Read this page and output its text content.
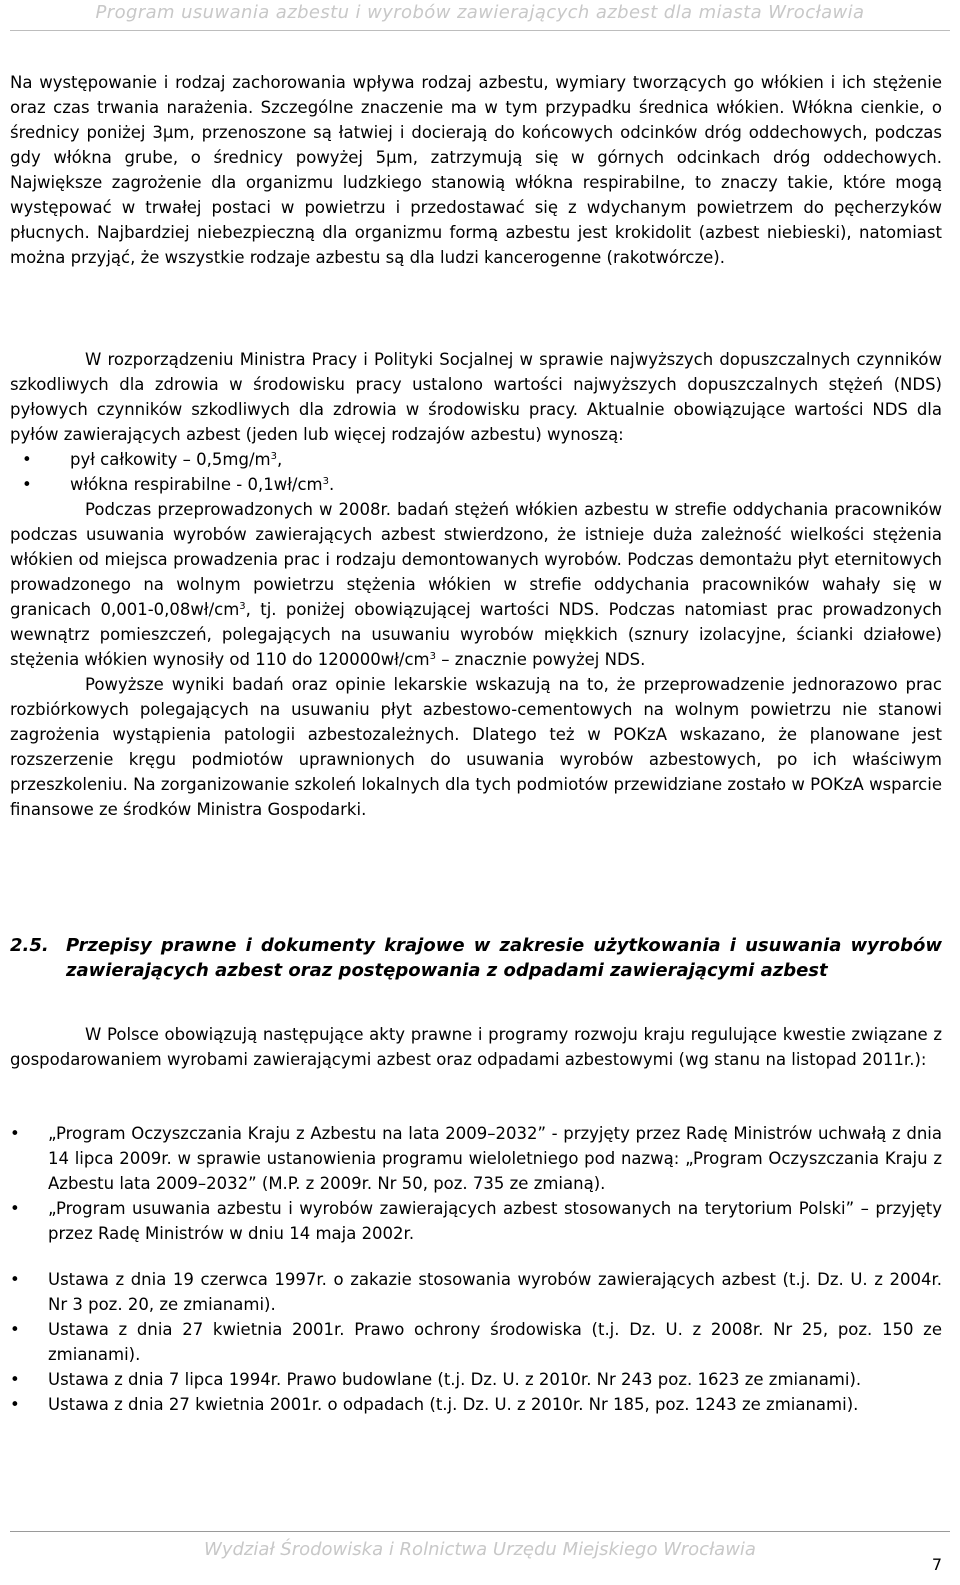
Program usuwania azbestu i wyrobów zawierających azbest dla miasta Wrocławia

Na występowanie i rodzaj zachorowania wpływa rodzaj azbestu, wymiary tworzących go włókien i ich stężenie oraz czas trwania narażenia. Szczególne znaczenie ma w tym przypadku średnica włókien. Włókna cienkie, o średnicy poniżej 3µm, przenoszone są łatwiej i docierają do końcowych odcinków dróg oddechowych, podczas gdy włókna grube, o średnicy powyżej 5µm, zatrzymują się w górnych odcinkach dróg oddechowych. Największe zagrożenie dla organizmu ludzkiego stanowią włókna respirabilne, to znaczy takie, które mogą występować w trwałej postaci w powietrzu i przedostawać się z wdychanym powietrzem do pęcherzyków płucnych. Najbardziej niebezpieczną dla organizmu formą azbestu jest krokidolit (azbest niebieski), natomiast można przyjąć, że wszystkie rodzaje azbestu są dla ludzi kancerogenne (rakotwórcze).

W rozporządzeniu Ministra Pracy i Polityki Socjalnej w sprawie najwyższych dopuszczalnych czynników szkodliwych dla zdrowia w środowisku pracy ustalono wartości najwyższych dopuszczalnych stężeń (NDS) pyłowych czynników szkodliwych dla zdrowia w środowisku pracy. Aktualnie obowiązujące wartości NDS dla pyłów zawierających azbest (jeden lub więcej rodzajów azbestu) wynoszą:

• pył całkowity – $0,5mg/m^3$,
• włókna respirabilne - $0,1wł/cm^3$.

Podczas przeprowadzonych w 2008r. badań stężeń włókien azbestu w strefie oddychania pracowników podczas usuwania wyrobów zawierających azbest stwierdzono, że istnieje duża zależność wielkości stężenia włókien od miejsca prowadzenia prac i rodzaju demontowanych wyrobów. Podczas demontażu płyt eternitowych prowadzonego na wolnym powietrzu stężenia włókien w strefie oddychania pracowników wahały się w granicach $0,001-0,08wł/cm^3$, tj. poniżej obowiązującej wartości NDS. Podczas natomiast prac prowadzonych wewnątrz pomieszczeń, polegających na usuwaniu wyrobów miękkich (sznury izolacyjne, ścianki działowe) stężenia włókien wynosiły od 110 do $120000wł/cm^3$ – znacznie powyżej NDS.

Powyższe wyniki badań oraz opinie lekarskie wskazują na to, że przeprowadzenie jednorazowo prac rozbiórkowych polegających na usuwaniu płyt azbestowo-cementowych na wolnym powietrzu nie stanowi zagrożenia wystąpienia patologii azbestozależnych. Dlatego też w POKzA wskazano, że planowane jest rozszerzenie kręgu podmiotów uprawnionych do usuwania wyrobów azbestowych, po ich właściwym przeszkoleniu. Na zorganizowanie szkoleń lokalnych dla tych podmiotów przewidziane zostało w POKzA wsparcie finansowe ze środków Ministra Gospodarki.

2.5. Przepisy prawne i dokumenty krajowe w zakresie użytkowania i usuwania wyrobów zawierających azbest oraz postępowania z odpadami zawierającymi azbest

W Polsce obowiązują następujące akty prawne i programy rozwoju kraju regulujące kwestie związane z gospodarowaniem wyrobami zawierającymi azbest oraz odpadami azbestowymi (wg stanu na listopad 2011r.):

• „Program Oczyszczania Kraju z Azbestu na lata 2009–2032” - przyjęty przez Radę Ministrów uchwałą z dnia 14 lipca 2009r. w sprawie ustanowienia programu wieloletniego pod nazwą: „Program Oczyszczania Kraju z Azbestu lata 2009–2032” (M.P. z 2009r. Nr 50, poz. 735 ze zmianą).
• „Program usuwania azbestu i wyrobów zawierających azbest stosowanych na terytorium Polski” – przyjęty przez Radę Ministrów w dniu 14 maja 2002r.
• Ustawa z dnia 19 czerwca 1997r. o zakazie stosowania wyrobów zawierających azbest (t.j. Dz. U. z 2004r. Nr 3 poz. 20, ze zmianami).
• Ustawa z dnia 27 kwietnia 2001r. Prawo ochrony środowiska (t.j. Dz. U. z 2008r. Nr 25, poz. 150 ze zmianami).
• Ustawa z dnia 7 lipca 1994r. Prawo budowlane (t.j. Dz. U. z 2010r. Nr 243 poz. 1623 ze zmianami).
• Ustawa z dnia 27 kwietnia 2001r. o odpadach (t.j. Dz. U. z 2010r. Nr 185, poz. 1243 ze zmianami).
Wydział Środowiska i Rolnictwa Urzędu Miejskiego Wrocławia
7
